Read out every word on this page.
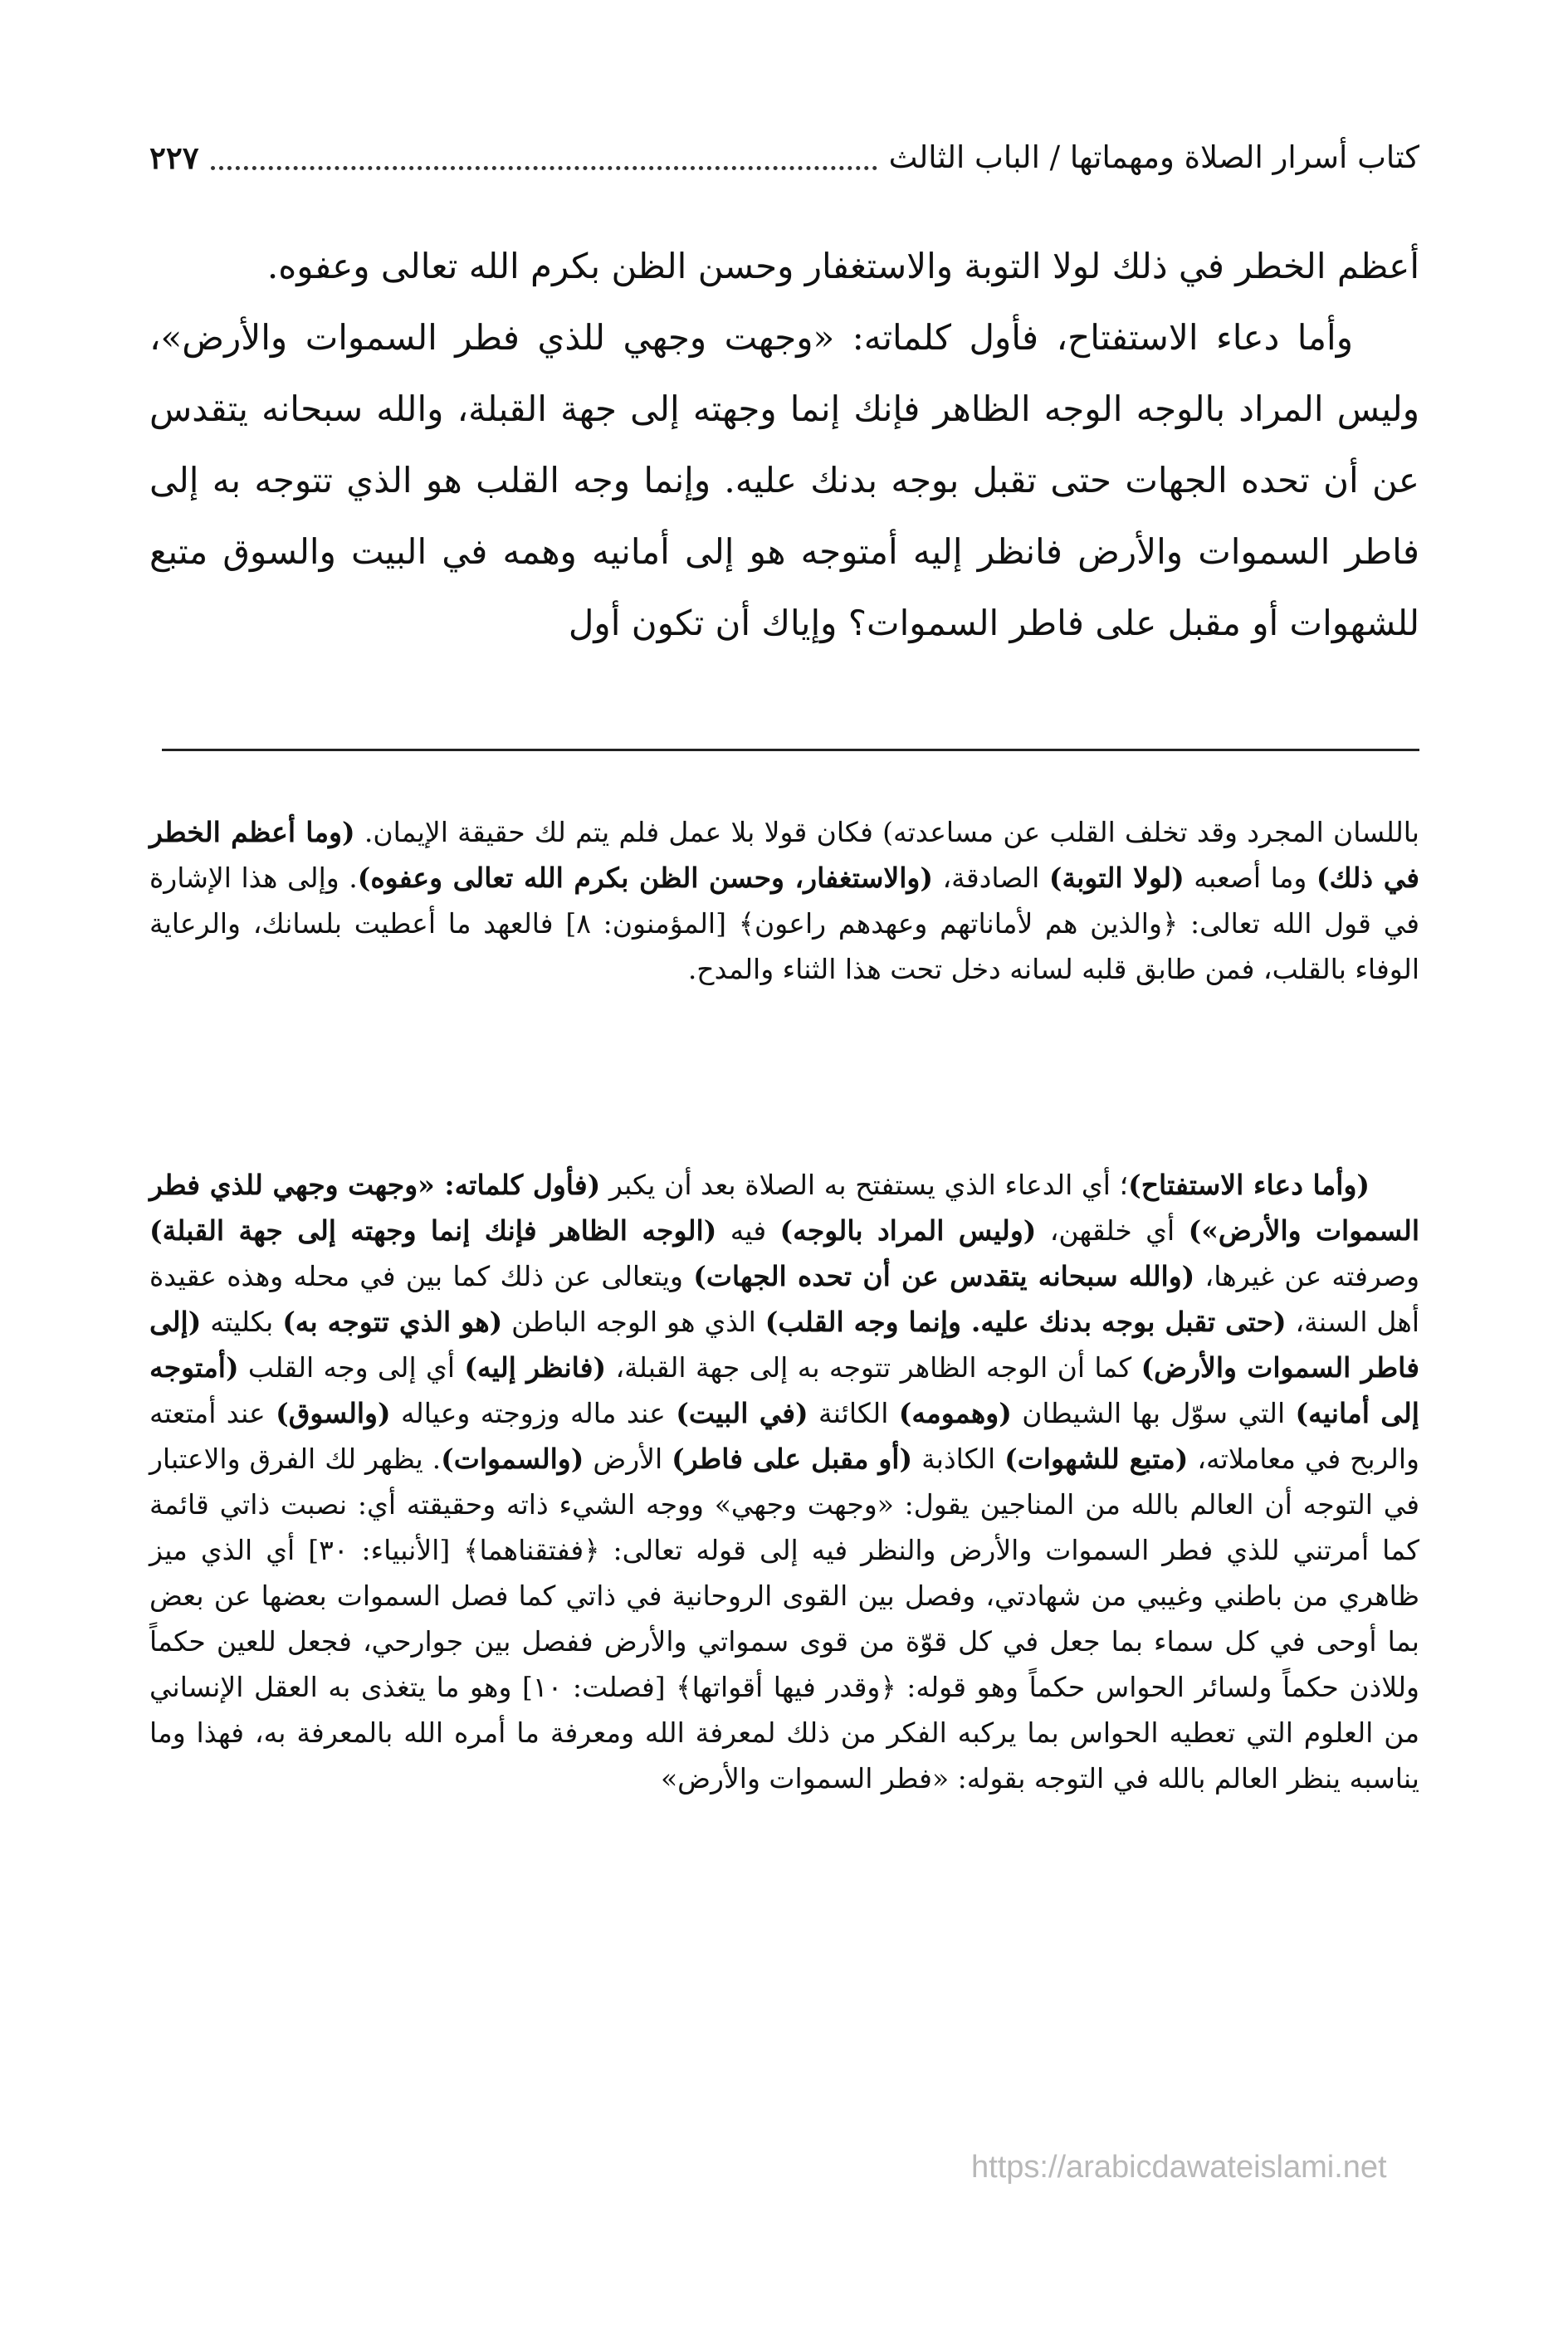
كتاب أسرار الصلاة ومهماتها / الباب الثالث
٢٢٧

أعظم الخطر في ذلك لولا التوبة والاستغفار وحسن الظن بكرم الله تعالى وعفوه.

وأما دعاء الاستفتاح، فأول كلماته: «وجهت وجهي للذي فطر السموات والأرض»، وليس المراد بالوجه الوجه الظاهر فإنك إنما وجهته إلى جهة القبلة، والله سبحانه يتقدس عن أن تحده الجهات حتى تقبل بوجه بدنك عليه. وإنما وجه القلب هو الذي تتوجه به إلى فاطر السموات والأرض فانظر إليه أمتوجه هو إلى أمانيه وهمه في البيت والسوق متبع للشهوات أو مقبل على فاطر السموات؟ وإياك أن تكون أول

باللسان المجرد وقد تخلف القلب عن مساعدته) فكان قولا بلا عمل فلم يتم لك حقيقة الإيمان. (وما أعظم الخطر في ذلك) وما أصعبه (لولا التوبة) الصادقة، (والاستغفار، وحسن الظن بكرم الله تعالى وعفوه). وإلى هذا الإشارة في قول الله تعالى: ﴿والذين هم لأماناتهم وعهدهم راعون﴾ [المؤمنون: ٨] فالعهد ما أعطيت بلسانك، والرعاية الوفاء بالقلب، فمن طابق قلبه لسانه دخل تحت هذا الثناء والمدح.

(وأما دعاء الاستفتاح)؛ أي الدعاء الذي يستفتح به الصلاة بعد أن يكبر (فأول كلماته: «وجهت وجهي للذي فطر السموات والأرض») أي خلقهن، (وليس المراد بالوجه) فيه (الوجه الظاهر فإنك إنما وجهته إلى جهة القبلة) وصرفته عن غيرها، (والله سبحانه يتقدس عن أن تحده الجهات) ويتعالى عن ذلك كما بين في محله وهذه عقيدة أهل السنة، (حتى تقبل بوجه بدنك عليه. وإنما وجه القلب) الذي هو الوجه الباطن (هو الذي تتوجه به) بكليته (إلى فاطر السموات والأرض) كما أن الوجه الظاهر تتوجه به إلى جهة القبلة، (فانظر إليه) أي إلى وجه القلب (أمتوجه إلى أمانيه) التي سوّل بها الشيطان (وهمومه) الكائنة (في البيت) عند ماله وزوجته وعياله (والسوق) عند أمتعته والربح في معاملاته، (متبع للشهوات) الكاذبة (أو مقبل على فاطر) الأرض (والسموات). يظهر لك الفرق والاعتبار في التوجه أن العالم بالله من المناجين يقول: «وجهت وجهي» ووجه الشيء ذاته وحقيقته أي: نصبت ذاتي قائمة كما أمرتني للذي فطر السموات والأرض والنظر فيه إلى قوله تعالى: ﴿ففتقناهما﴾ [الأنبياء: ٣٠] أي الذي ميز ظاهري من باطني وغيبي من شهادتي، وفصل بين القوى الروحانية في ذاتي كما فصل السموات بعضها عن بعض بما أوحى في كل سماء بما جعل في كل قوّة من قوى سمواتي والأرض ففصل بين جوارحي، فجعل للعين حكماً وللاذن حكماً ولسائر الحواس حكماً وهو قوله: ﴿وقدر فيها أقواتها﴾ [فصلت: ١٠] وهو ما يتغذى به العقل الإنساني من العلوم التي تعطيه الحواس بما يركبه الفكر من ذلك لمعرفة الله ومعرفة ما أمره الله بالمعرفة به، فهذا وما يناسبه ينظر العالم بالله في التوجه بقوله: «فطر السموات والأرض»

https://arabicdawateislami.net
